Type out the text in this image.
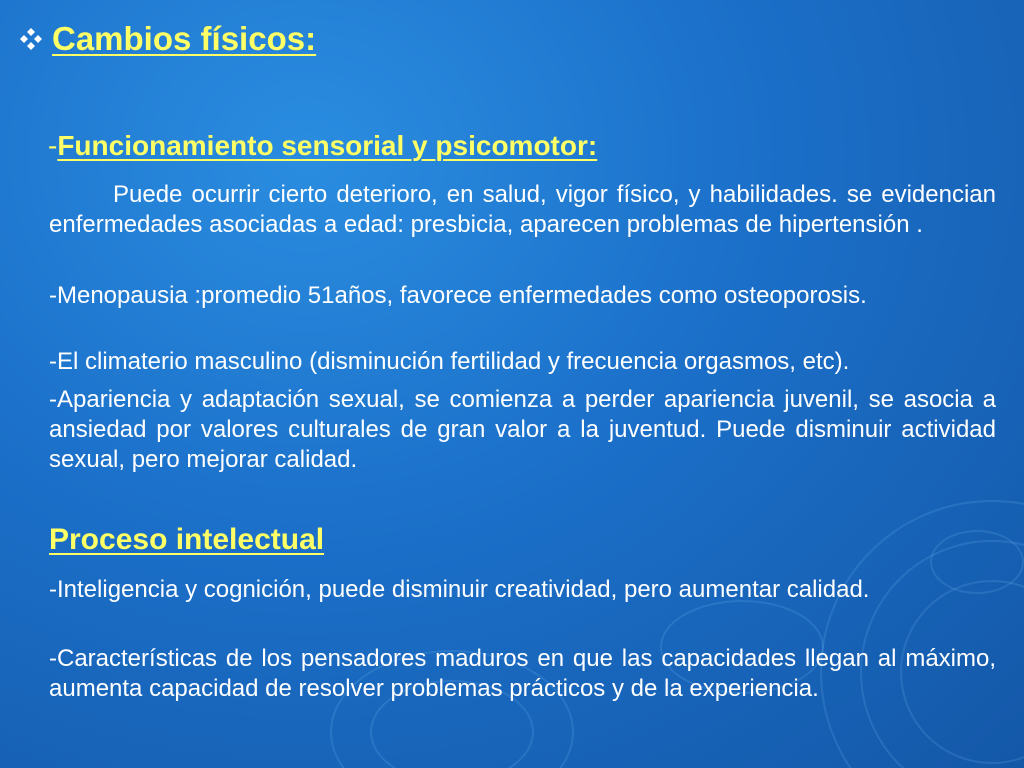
Cambios físicos:
-Funcionamiento sensorial y psicomotor:
Puede ocurrir cierto deterioro, en salud, vigor físico, y habilidades. se evidencian enfermedades asociadas a edad: presbicia, aparecen problemas de hipertensión .
-Menopausia :promedio 51años, favorece enfermedades como osteoporosis.
-El climaterio masculino (disminución fertilidad y frecuencia orgasmos, etc).
-Apariencia y adaptación sexual, se comienza a perder apariencia juvenil, se asocia a ansiedad por valores culturales de gran valor a la juventud. Puede disminuir actividad sexual, pero mejorar calidad.
Proceso intelectual
-Inteligencia y cognición, puede disminuir creatividad, pero aumentar calidad.
-Características de los pensadores maduros en que las capacidades llegan al máximo, aumenta capacidad de resolver problemas prácticos y de la experiencia.
